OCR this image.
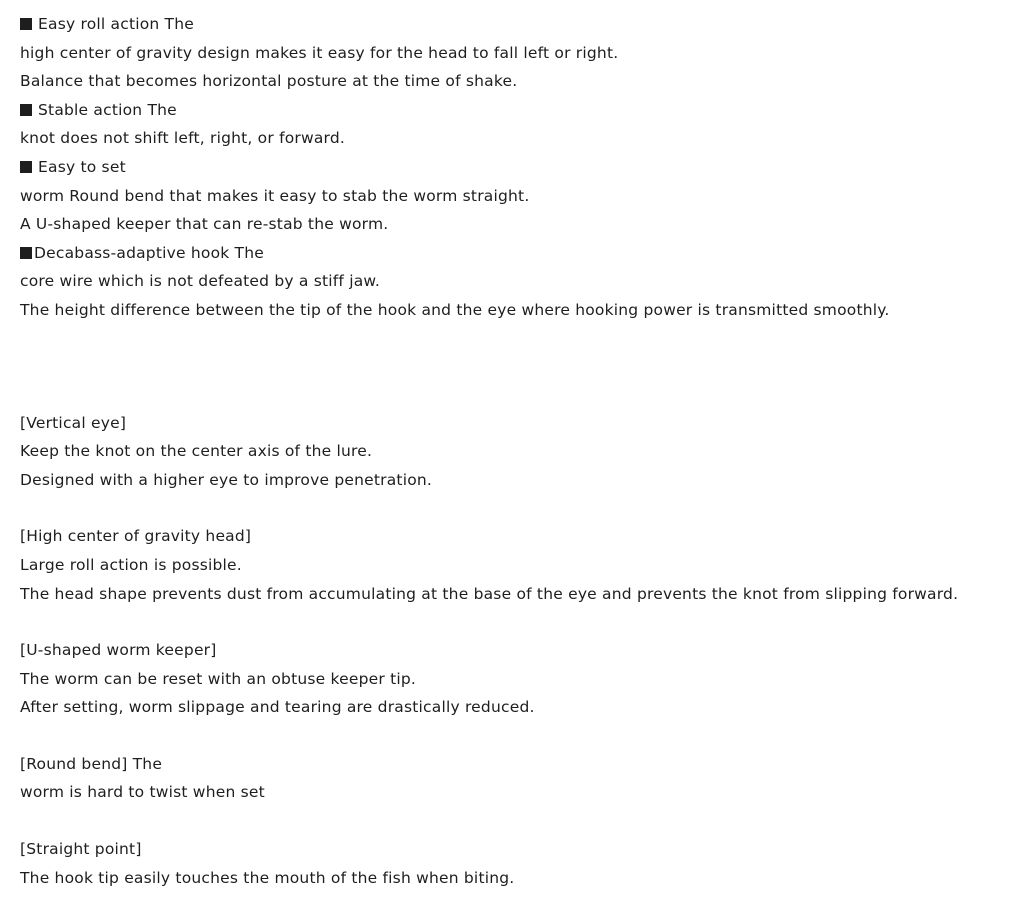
Easy roll action The
high center of gravity design makes it easy for the head to fall left or right.
Balance that becomes horizontal posture at the time of shake.
Stable action The
knot does not shift left, right, or forward.
Easy to set
worm Round bend that makes it easy to stab the worm straight.
A U-shaped keeper that can re-stab the worm.
Decabass-adaptive hook The
core wire which is not defeated by a stiff jaw.
The height difference between the tip of the hook and the eye where hooking power is transmitted smoothly.
[Vertical eye]
Keep the knot on the center axis of the lure.
Designed with a higher eye to improve penetration.
[High center of gravity head]
Large roll action is possible.
The head shape prevents dust from accumulating at the base of the eye and prevents the knot from slipping forward.
[U-shaped worm keeper]
The worm can be reset with an obtuse keeper tip.
After setting, worm slippage and tearing are drastically reduced.
[Round bend] The
worm is hard to twist when set
[Straight point]
The hook tip easily touches the mouth of the fish when biting.
